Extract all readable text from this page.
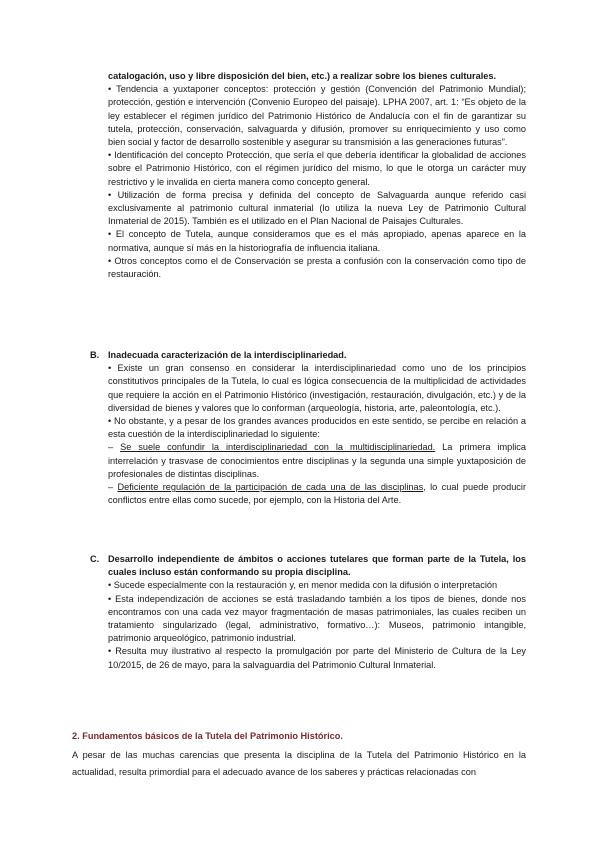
catalogación, uso y libre disposición del bien, etc.) a realizar sobre los bienes culturales.

• Tendencia a yuxtaponer conceptos: protección y gestión (Convención del Patrimonio Mundial); protección, gestión e intervención (Convenio Europeo del paisaje). LPHA 2007, art. 1: “Es objeto de la ley establecer el régimen jurídico del Patrimonio Histórico de Andalucía con el fin de garantizar su tutela, protección, conservación, salvaguarda y difusión, promover su enriquecimiento y uso como bien social y factor de desarrollo sostenible y asegurar su transmisión a las generaciones futuras”.

• Identificación del concepto Protección, que sería el que debería identificar la globalidad de acciones sobre el Patrimonio Histórico, con el régimen jurídico del mismo, lo que le otorga un carácter muy restrictivo y le invalida en cierta manera como concepto general.

• Utilización de forma precisa y definida del concepto de Salvaguarda aunque referido casi exclusivamente al patrimonio cultural inmaterial (lo utiliza la nueva Ley de Patrimonio Cultural Inmaterial de 2015). También es el utilizado en el Plan Nacional de Paisajes Culturales.

• El concepto de Tutela, aunque consideramos que es el más apropiado, apenas aparece en la normativa, aunque sí más en la historiografía de influencia italiana.

• Otros conceptos como el de Conservación se presta a confusión con la conservación como tipo de restauración.

B. Inadecuada caracterización de la interdisciplinariedad.

• Existe un gran consenso en considerar la interdisciplinariedad como uno de los principios constitutivos principales de la Tutela, lo cual es lógica consecuencia de la multiplicidad de actividades que requiere la acción en el Patrimonio Histórico (investigación, restauración, divulgación, etc.) y de la diversidad de bienes y valores que lo conforman (arqueología, historia, arte, paleontología, etc.).

• No obstante, y a pesar de los grandes avances producidos en este sentido, se percibe en relación a esta cuestión de la interdisciplinariedad lo siguiente:

– Se suele confundir la interdisciplinariedad con la multidisciplinariedad. La primera implica interrelación y trasvase de conocimientos entre disciplinas y la segunda una simple yuxtaposición de profesionales de distintas disciplinas.

– Deficiente regulación de la participación de cada una de las disciplinas, lo cual puede producir conflictos entre ellas como sucede, por ejemplo, con la Historia del Arte.

C. Desarrollo independiente de ámbitos o acciones tutelares que forman parte de la Tutela, los cuales incluso están conformando su propia disciplina.

• Sucede especialmente con la restauración y, en menor medida con la difusión o interpretación

• Esta independización de acciones se está trasladando también a los tipos de bienes, donde nos encontramos con una cada vez mayor fragmentación de masas patrimoniales, las cuales reciben un tratamiento singularizado (legal, administrativo, formativo…): Museos, patrimonio intangible, patrimonio arqueológico, patrimonio industrial.

• Resulta muy ilustrativo al respecto la promulgación por parte del Ministerio de Cultura de la Ley 10/2015, de 26 de mayo, para la salvaguardia del Patrimonio Cultural Inmaterial.

2. Fundamentos básicos de la Tutela del Patrimonio Histórico.

A pesar de las muchas carencias que presenta la disciplina de la Tutela del Patrimonio Histórico en la actualidad, resulta primordial para el adecuado avance de los saberes y prácticas relacionadas con
